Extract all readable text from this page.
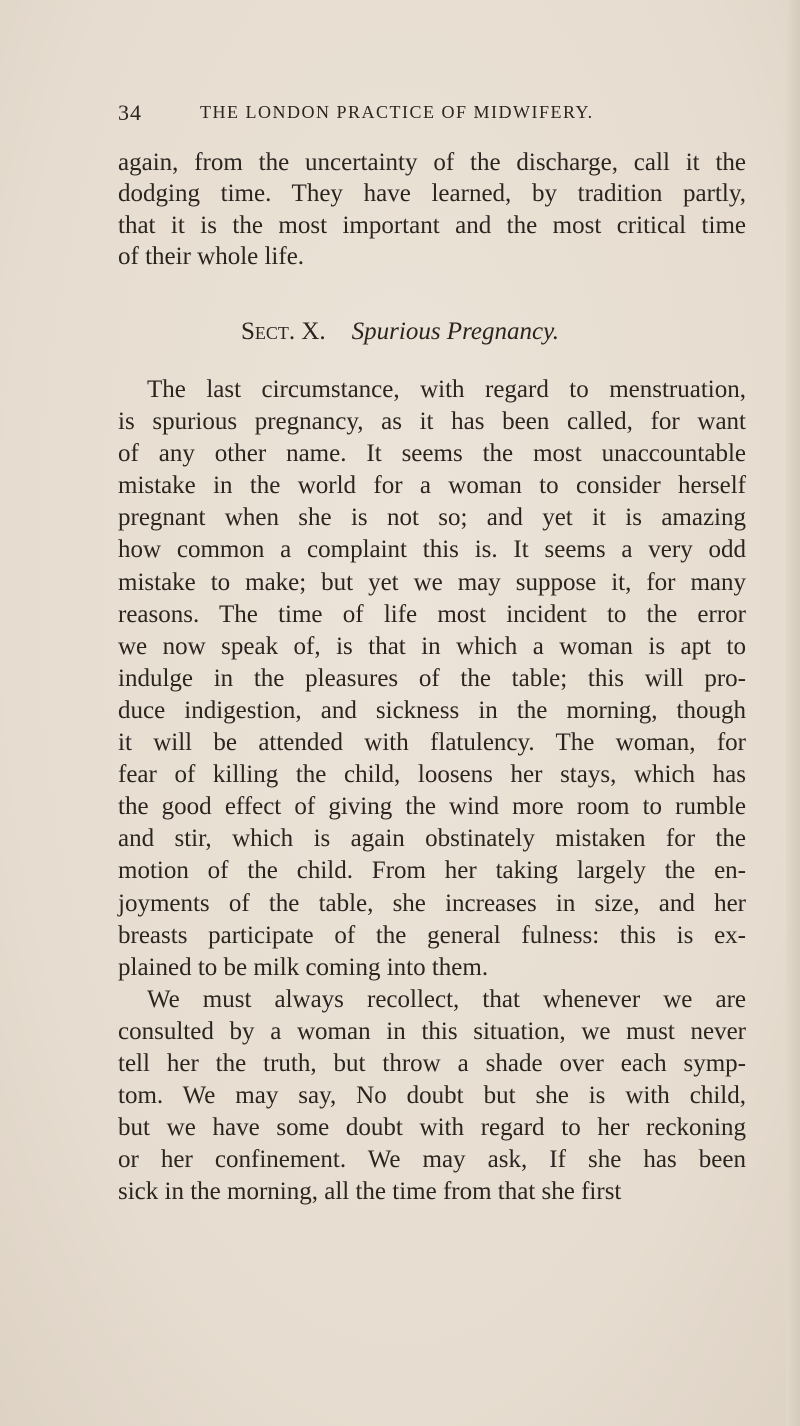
34	THE LONDON PRACTICE OF MIDWIFERY.
again, from the uncertainty of the discharge, call it the
dodging time. They have learned, by tradition partly,
that it is the most important and the most critical time
of their whole life.
Sect. X. Spurious Pregnancy.
The last circumstance, with regard to menstruation,
is spurious pregnancy, as it has been called, for want
of any other name. It seems the most unaccountable
mistake in the world for a woman to consider herself
pregnant when she is not so; and yet it is amazing
how common a complaint this is. It seems a very odd
mistake to make; but yet we may suppose it, for many
reasons. The time of life most incident to the error
we now speak of, is that in which a woman is apt to
indulge in the pleasures of the table; this will pro-
duce indigestion, and sickness in the morning, though
it will be attended with flatulency. The woman, for
fear of killing the child, loosens her stays, which has
the good effect of giving the wind more room to rumble
and stir, which is again obstinately mistaken for the
motion of the child. From her taking largely the en-
joyments of the table, she increases in size, and her
breasts participate of the general fulness: this is ex-
plained to be milk coming into them.
We must always recollect, that whenever we are
consulted by a woman in this situation, we must never
tell her the truth, but throw a shade over each symp-
tom. We may say, No doubt but she is with child,
but we have some doubt with regard to her reckoning
or her confinement. We may ask, If she has been
sick in the morning, all the time from that she first
